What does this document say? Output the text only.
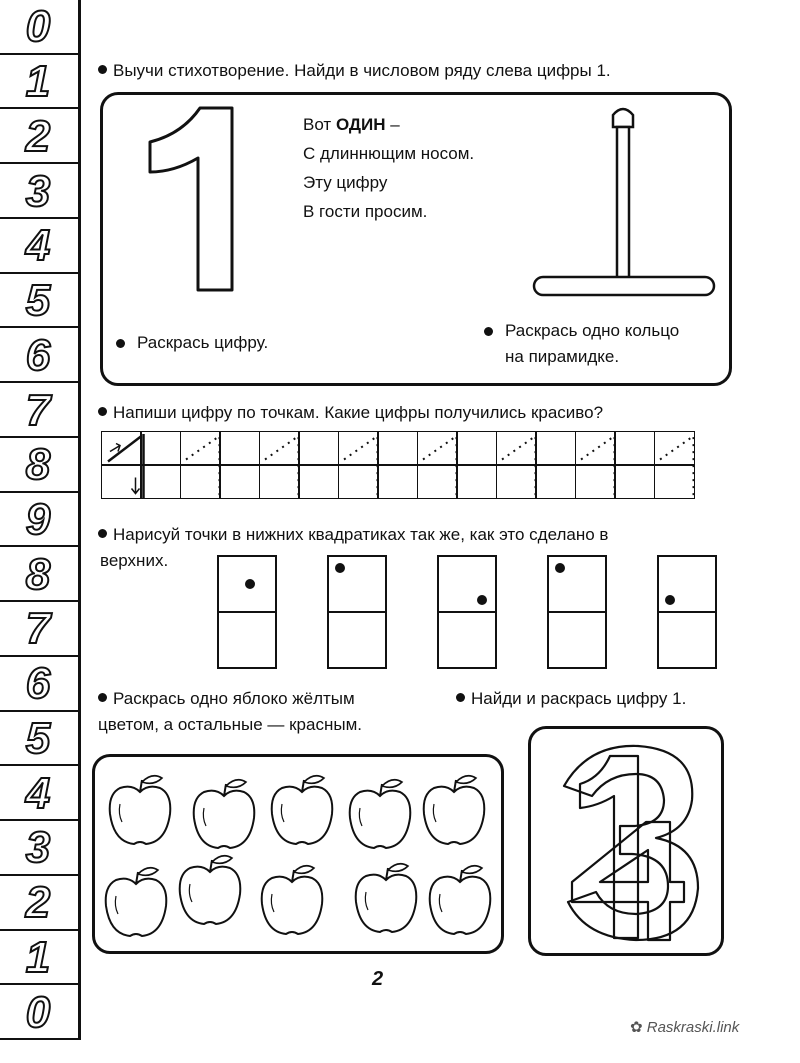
0
1
2
3
4
5
6
7
8
9
8
7
6
5
4
3
2
1
0
Выучи стихотворение. Найди в числовом ряду слева цифры 1.
Вот ОДИН –
С длиннющим носом.
Эту цифру
В гости просим.
Раскрась цифру.
Раскрась одно кольцо
на пирамидке.
Напиши цифру по точкам. Какие цифры получились красиво?
Нарисуй точки в нижних квадратиках так же, как это сделано в
верхних.
Раскрась одно яблоко жёлтым
цветом, а остальные — красным.
Найди и раскрась цифру 1.
2
✿ Raskraski.link
